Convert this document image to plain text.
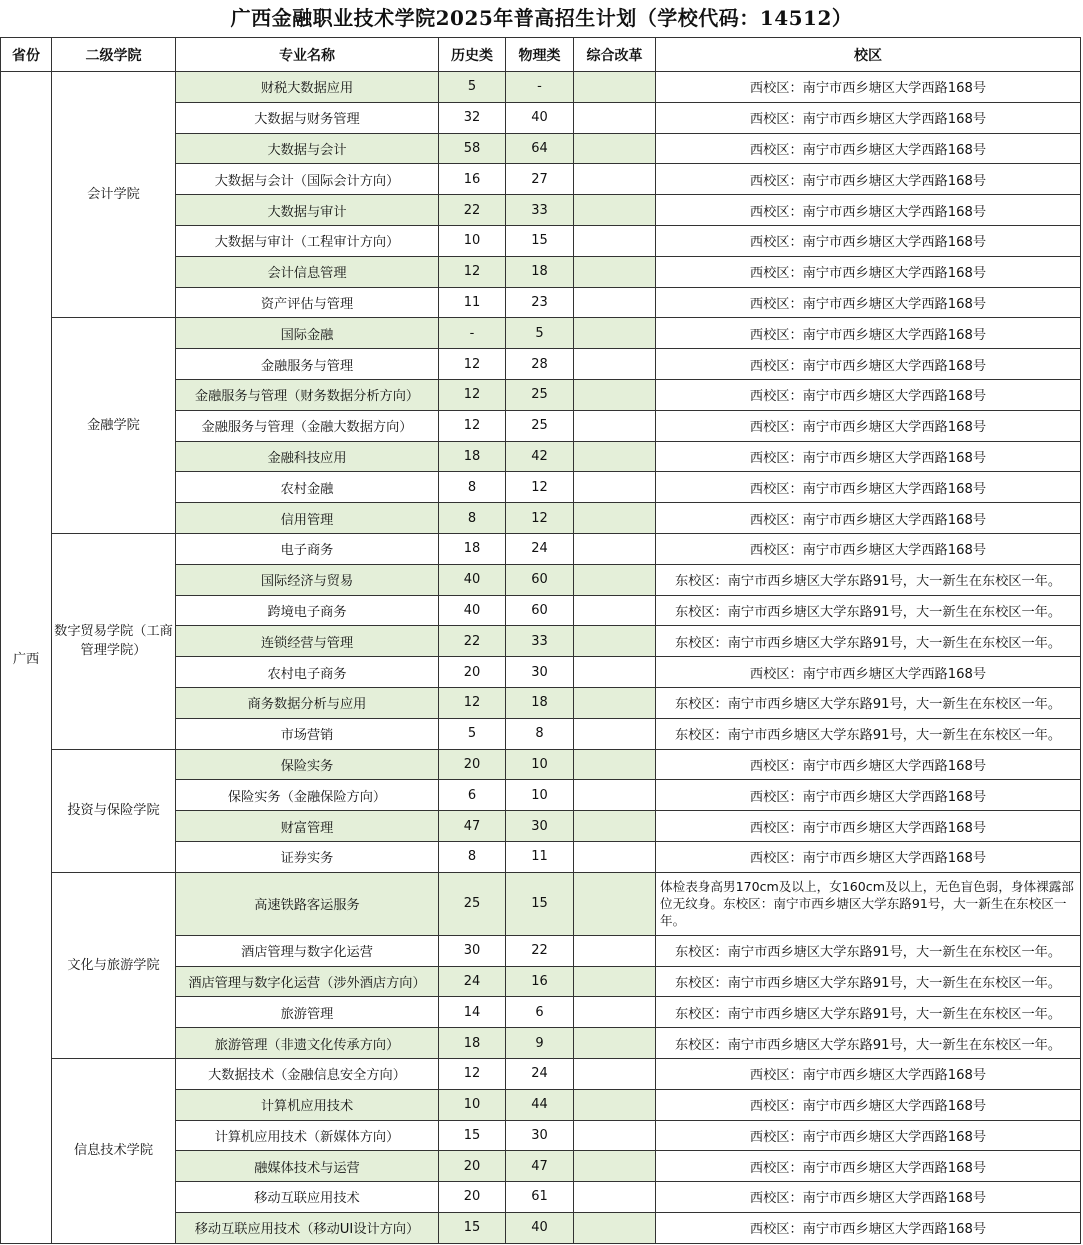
广西金融职业技术学院2025年普高招生计划（学校代码：14512）
省份	二级学院	专业名称	历史类	物理类	综合改革	校区
广西	会计学院	财税大数据应用	5	-		西校区：南宁市西乡塘区大学西路168号
		大数据与财务管理	32	40		西校区：南宁市西乡塘区大学西路168号
		大数据与会计	58	64		西校区：南宁市西乡塘区大学西路168号
		大数据与会计（国际会计方向）	16	27		西校区：南宁市西乡塘区大学西路168号
		大数据与审计	22	33		西校区：南宁市西乡塘区大学西路168号
		大数据与审计（工程审计方向）	10	15		西校区：南宁市西乡塘区大学西路168号
		会计信息管理	12	18		西校区：南宁市西乡塘区大学西路168号
		资产评估与管理	11	23		西校区：南宁市西乡塘区大学西路168号
	金融学院	国际金融	-	5		西校区：南宁市西乡塘区大学西路168号
		金融服务与管理	12	28		西校区：南宁市西乡塘区大学西路168号
		金融服务与管理（财务数据分析方向）	12	25		西校区：南宁市西乡塘区大学西路168号
		金融服务与管理（金融大数据方向）	12	25		西校区：南宁市西乡塘区大学西路168号
		金融科技应用	18	42		西校区：南宁市西乡塘区大学西路168号
		农村金融	8	12		西校区：南宁市西乡塘区大学西路168号
		信用管理	8	12		西校区：南宁市西乡塘区大学西路168号
	数字贸易学院（工商管理学院）	电子商务	18	24		西校区：南宁市西乡塘区大学西路168号
		国际经济与贸易	40	60		东校区：南宁市西乡塘区大学东路91号，大一新生在东校区一年。
		跨境电子商务	40	60		东校区：南宁市西乡塘区大学东路91号，大一新生在东校区一年。
		连锁经营与管理	22	33		东校区：南宁市西乡塘区大学东路91号，大一新生在东校区一年。
		农村电子商务	20	30		西校区：南宁市西乡塘区大学西路168号
		商务数据分析与应用	12	18		东校区：南宁市西乡塘区大学东路91号，大一新生在东校区一年。
		市场营销	5	8		东校区：南宁市西乡塘区大学东路91号，大一新生在东校区一年。
	投资与保险学院	保险实务	20	10		西校区：南宁市西乡塘区大学西路168号
		保险实务（金融保险方向）	6	10		西校区：南宁市西乡塘区大学西路168号
		财富管理	47	30		西校区：南宁市西乡塘区大学西路168号
		证券实务	8	11		西校区：南宁市西乡塘区大学西路168号
	文化与旅游学院	高速铁路客运服务	25	15		体检表身高男170cm及以上，女160cm及以上，无色盲色弱，身体裸露部位无纹身。东校区：南宁市西乡塘区大学东路91号，大一新生在东校区一年。
		酒店管理与数字化运营	30	22		东校区：南宁市西乡塘区大学东路91号，大一新生在东校区一年。
		酒店管理与数字化运营（涉外酒店方向）	24	16		东校区：南宁市西乡塘区大学东路91号，大一新生在东校区一年。
		旅游管理	14	6		东校区：南宁市西乡塘区大学东路91号，大一新生在东校区一年。
		旅游管理（非遗文化传承方向）	18	9		东校区：南宁市西乡塘区大学东路91号，大一新生在东校区一年。
	信息技术学院	大数据技术（金融信息安全方向）	12	24		西校区：南宁市西乡塘区大学西路168号
		计算机应用技术	10	44		西校区：南宁市西乡塘区大学西路168号
		计算机应用技术（新媒体方向）	15	30		西校区：南宁市西乡塘区大学西路168号
		融媒体技术与运营	20	47		西校区：南宁市西乡塘区大学西路168号
		移动互联应用技术	20	61		西校区：南宁市西乡塘区大学西路168号
		移动互联应用技术（移动UI设计方向）	15	40		西校区：南宁市西乡塘区大学西路168号
